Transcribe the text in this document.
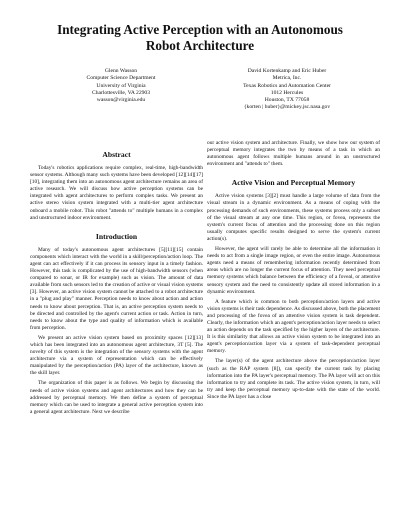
Integrating Active Perception with an Autonomous Robot Architecture
Glenn Wasson
Computer Science Department
University of Virginia
Charlottesville, VA 22903
wasson@virginia.edu
David Kortenkamp and Eric Huber
Metrica, Inc.
Texas Robotics and Automation Center
1012 Hercules
Houston, TX 77058
{korten | huber}@mickey.jsc.nasa.gov
Abstract

Today's robotics applications require complex, real-time, high-bandwidth sensor systems. Although many such systems have been developed [12][14][17][10], integrating them into an autonomous agent architecture remains an area of active research. We will discuss how active perception systems can be integrated with agent architectures to perform complex tasks. We present an active stereo vision system integrated with a multi-tier agent architecture onboard a mobile robot. This robot "attends to" multiple humans in a complex and unstructured indoor environment.

Introduction

Many of today's autonomous agent architectures [5][11][15] contain components which interact with the world in a skill/perception/action loop. The agent can act effectively if it can process its sensory input in a timely fashion. However, this task is complicated by the use of high-bandwidth sensors (when compared to sonar, or IR for example) such as vision. The amount of data available from such sensors led to the creation of active or visual vision systems [3]. However, an active vision system cannot be attached to a robot architecture in a "plug and play" manner. Perception needs to know about action and action needs to know about perception. That is, an active perception system needs to be directed and controlled by the agent's current action or task. Action in turn, needs to know about the type and quality of information which is available from perception.

We present an active vision system based on proximity spaces [12][13] which has been integrated into an autonomous agent architecture, 3T [5]. The novelty of this system is the integration of the sensory systems with the agent architecture via a system of representation which can be effectively manipulated by the perception/action (PA) layer of the architecture, known as the skill layer.

The organization of this paper is as follows. We begin by discussing the needs of active vision systems and agent architectures and how they can be addressed by perceptual memory. We then define a system of perceptual memory which can be used to integrate a general active perception system into a general agent architecture. Next we describe

our active vision system and architecture. Finally, we show how our system of perceptual memory integrates the two by means of a task in which an autonomous agent follows multiple humans around in an unstructured environment and "attends to" them.

Active Vision and Perceptual Memory

Active vision systems [3][2] must handle a large volume of data from the visual stream in a dynamic environment. As a means of coping with the processing demands of such environments, these systems process only a subset of the visual stream at any one time. This region, or fovea, represents the system's current focus of attention and the processing done on this region usually computes specific results designed to serve the system's current action(s).

However, the agent will rarely be able to determine all the information it needs to act from a single image region, or even the entire image. Autonomous agents need a means of remembering information recently determined from areas which are no longer the current focus of attention. They need perceptual memory systems which balance between the efficiency of a foveal, or attentive sensory system and the need to consistently update all stored information in a dynamic environment.

A feature which is common to both perception/action layers and active vision systems is their task dependence. As discussed above, both the placement and processing of the fovea of an attentive vision system is task dependent. Clearly, the information which an agent's perception/action layer needs to select an action depends on the task specified by the higher layers of the architecture. It is this similarity that allows an active vision system to be integrated into an agent's perception/action layer via a system of task-dependent perceptual memory.

The layer(s) of the agent architecture above the perception/action layer (such as the RAP system [8]), can specify the current task by placing information into the PA layer's perceptual memory. The PA layer will act on this information to try and complete its task. The active vision system, in turn, will try and keep the perceptual memory up-to-date with the state of the world. Since the PA layer has a close
